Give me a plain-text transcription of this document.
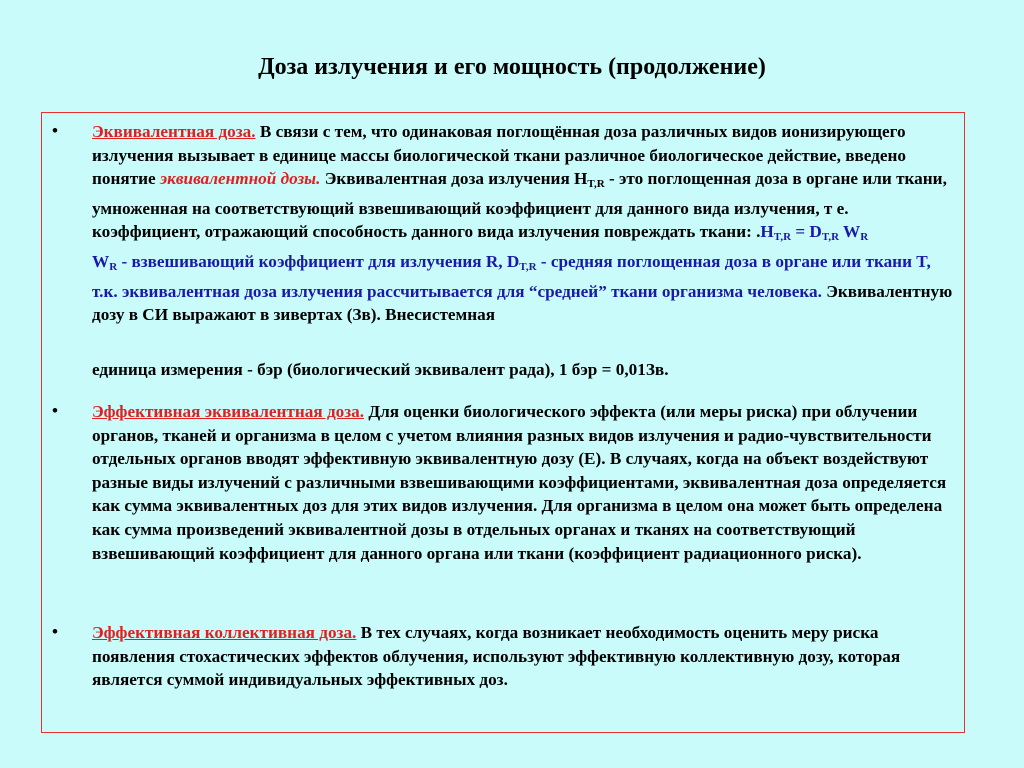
Доза излучения и его мощность (продолжение)
• Эквивалентная доза. В связи с тем, что одинаковая поглощённая доза различных видов ионизирующего излучения вызывает в единице массы биологической ткани различное биологическое действие, введено понятие эквивалентной дозы. Эквивалентная доза излучения $H_{T,R}$ - это поглощенная доза в органе или ткани, умноженная на соответствующий взвешивающий коэффициент для данного вида излучения, т е. коэффициент, отражающий способность данного вида излучения повреждать ткани: $.H_{T,R} = D_{T,R}$ $W_R$
$W_R$ - взвешивающий коэффициент для излучения R, $D_{T,R}$ - средняя поглощенная доза в органе или ткани T, т.к. эквивалентная доза излучения рассчитывается для “средней” ткани организма человека. Эквивалентную дозу в СИ выражают в зивертах (Зв). Внесистемная
единица измерения - бэр (биологический эквивалент рада), 1 бэр = 0,01Зв.
• Эффективная эквивалентная доза. Для оценки биологического эффекта (или меры риска) при облучении органов, тканей и организма в целом с учетом влияния разных видов излучения и радио-чувствительности отдельных органов вводят эффективную эквивалентную дозу (Е). В случаях, когда на объект воздействуют разные виды излучений с различными взвешивающими коэффициентами, эквивалентная доза определяется как сумма эквивалентных доз для этих видов излучения. Для организма в целом она может быть определена как сумма произведений эквивалентной дозы в отдельных органах и тканях на соответствующий взвешивающий коэффициент для данного органа или ткани (коэффициент радиационного риска).
• Эффективная коллективная доза. В тех случаях, когда возникает необходимость оценить меру риска появления стохастических эффектов облучения, используют эффективную коллективную дозу, которая является суммой индивидуальных эффективных доз.
